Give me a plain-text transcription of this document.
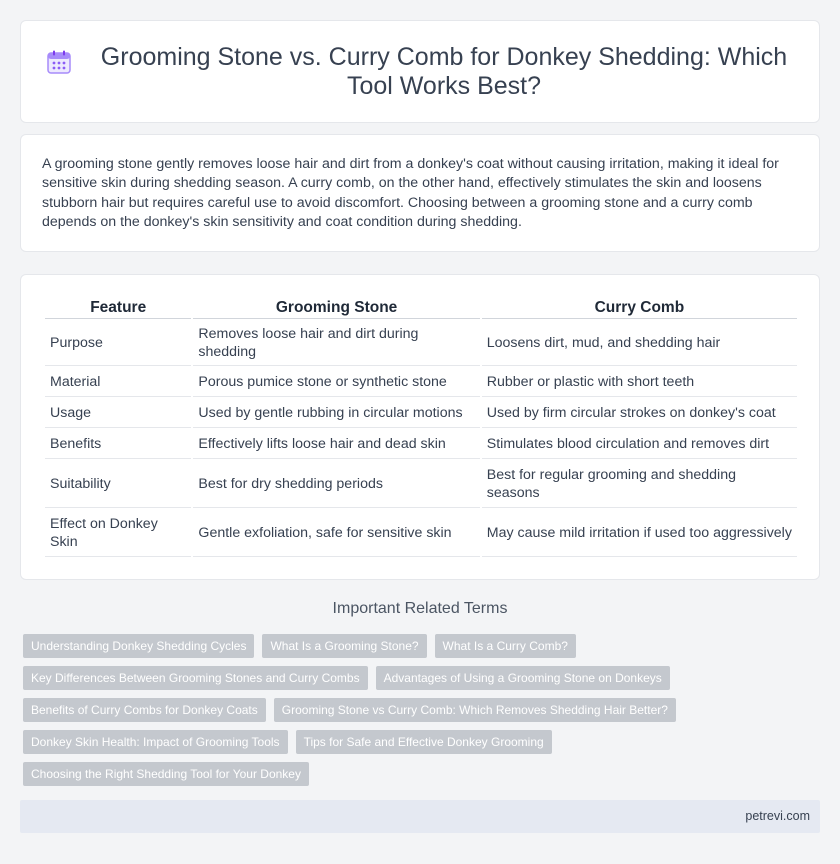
Grooming Stone vs. Curry Comb for Donkey Shedding: Which Tool Works Best?

A grooming stone gently removes loose hair and dirt from a donkey's coat without causing irritation, making it ideal for sensitive skin during shedding season. A curry comb, on the other hand, effectively stimulates the skin and loosens stubborn hair but requires careful use to avoid discomfort. Choosing between a grooming stone and a curry comb depends on the donkey's skin sensitivity and coat condition during shedding.

Feature	Grooming Stone	Curry Comb
Purpose	Removes loose hair and dirt during shedding	Loosens dirt, mud, and shedding hair
Material	Porous pumice stone or synthetic stone	Rubber or plastic with short teeth
Usage	Used by gentle rubbing in circular motions	Used by firm circular strokes on donkey's coat
Benefits	Effectively lifts loose hair and dead skin	Stimulates blood circulation and removes dirt
Suitability	Best for dry shedding periods	Best for regular grooming and shedding seasons
Effect on Donkey Skin	Gentle exfoliation, safe for sensitive skin	May cause mild irritation if used too aggressively
Important Related Terms
Understanding Donkey Shedding Cycles	What Is a Grooming Stone?	What Is a Curry Comb?
Key Differences Between Grooming Stones and Curry Combs	Advantages of Using a Grooming Stone on Donkeys
Benefits of Curry Combs for Donkey Coats	Grooming Stone vs Curry Comb: Which Removes Shedding Hair Better?
Donkey Skin Health: Impact of Grooming Tools	Tips for Safe and Effective Donkey Grooming
Choosing the Right Shedding Tool for Your Donkey
petrevi.com
